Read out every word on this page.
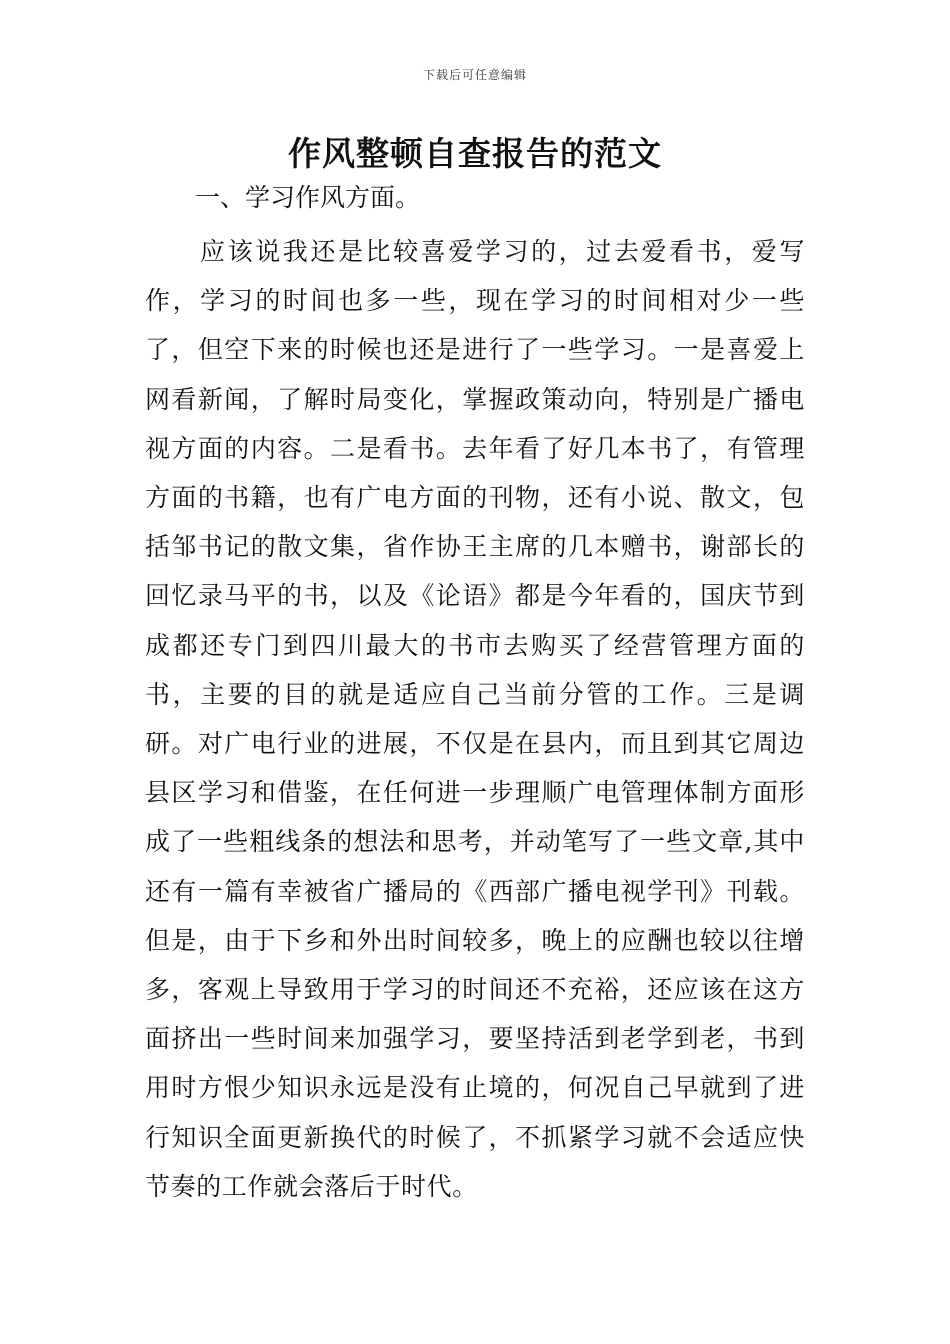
下载后可任意编辑
作风整顿自查报告的范文

一、学习作风方面。

应该说我还是比较喜爱学习的，过去爱看书，爱写作，学习的时间也多一些，现在学习的时间相对少一些了，但空下来的时候也还是进行了一些学习。一是喜爱上网看新闻，了解时局变化，掌握政策动向，特别是广播电视方面的内容。二是看书。去年看了好几本书了，有管理方面的书籍，也有广电方面的刊物，还有小说、散文，包括邹书记的散文集，省作协王主席的几本赠书，谢部长的回忆录马平的书，以及《论语》都是今年看的，国庆节到成都还专门到四川最大的书市去购买了经营管理方面的书，主要的目的就是适应自己当前分管的工作。三是调研。对广电行业的进展，不仅是在县内，而且到其它周边县区学习和借鉴，在任何进一步理顺广电管理体制方面形成了一些粗线条的想法和思考，并动笔写了一些文章,其中还有一篇有幸被省广播局的《西部广播电视学刊》刊载。但是，由于下乡和外出时间较多，晚上的应酬也较以往增多，客观上导致用于学习的时间还不充裕，还应该在这方面挤出一些时间来加强学习，要坚持活到老学到老，书到用时方恨少知识永远是没有止境的，何况自己早就到了进行知识全面更新换代的时候了，不抓紧学习就不会适应快节奏的工作就会落后于时代。
